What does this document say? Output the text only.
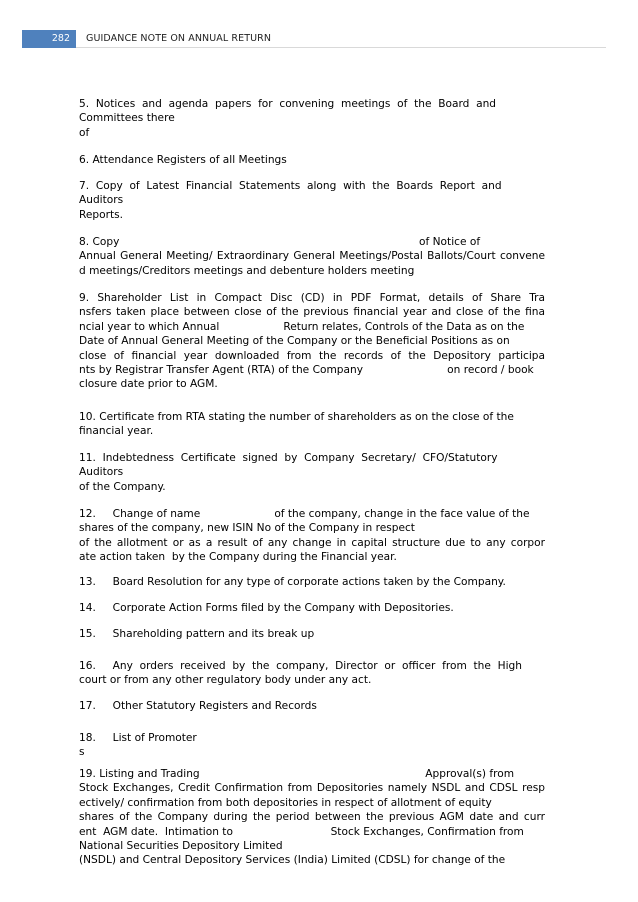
282	GUIDANCE NOTE ON ANNUAL RETURN
5.  Notices  and  agenda  papers  for  convening  meetings  of  the  Board  and
Committees there
of
6. Attendance Registers of all Meetings
7.  Copy  of  Latest  Financial  Statements  along  with  the  Boards  Report  and
Auditors
Reports.
8. Copy                                                                                         of Notice of
Annual General Meeting/ Extraordinary General Meetings/Postal Ballots/Court convene
d meetings/Creditors meetings and debenture holders meeting
9. Shareholder List in Compact Disc (CD) in PDF Format, details of Share Tra
nsfers taken place between close of the previous financial year and close of the fina
ncial year to which Annual                   Return relates, Controls of the Data as on the
Date of Annual General Meeting of the Company or the Beneficial Positions as on
close of financial year downloaded from the records of the Depository participa
nts by Registrar Transfer Agent (RTA) of the Company                         on record / book
closure date prior to AGM.
10. Certificate from RTA stating the number of shareholders as on the close of the
financial year.
11.  Indebtedness  Certificate  signed  by  Company  Secretary/  CFO/Statutory
Auditors
of the Company.
12.     Change of name                      of the company, change in the face value of the
shares of the company, new ISIN No of the Company in respect
of the allotment or as a result of any change in capital structure due to any corpor
ate action taken  by the Company during the Financial year.
13.     Board Resolution for any type of corporate actions taken by the Company.
14.     Corporate Action Forms filed by the Company with Depositories.
15.     Shareholding pattern and its break up
16.     Any  orders  received  by  the  company,  Director  or  officer  from  the  High
court or from any other regulatory body under any act.
17.     Other Statutory Registers and Records
18.     List of Promoter
s
19. Listing and Trading                                                                   Approval(s) from
Stock Exchanges, Credit Confirmation from Depositories namely NSDL and CDSL resp
ectively/ confirmation from both depositories in respect of allotment of equity
shares of the Company during the period between the previous AGM date and curr
ent  AGM date.  Intimation to                             Stock Exchanges, Confirmation from
National Securities Depository Limited
(NSDL) and Central Depository Services (India) Limited (CDSL) for change of the
